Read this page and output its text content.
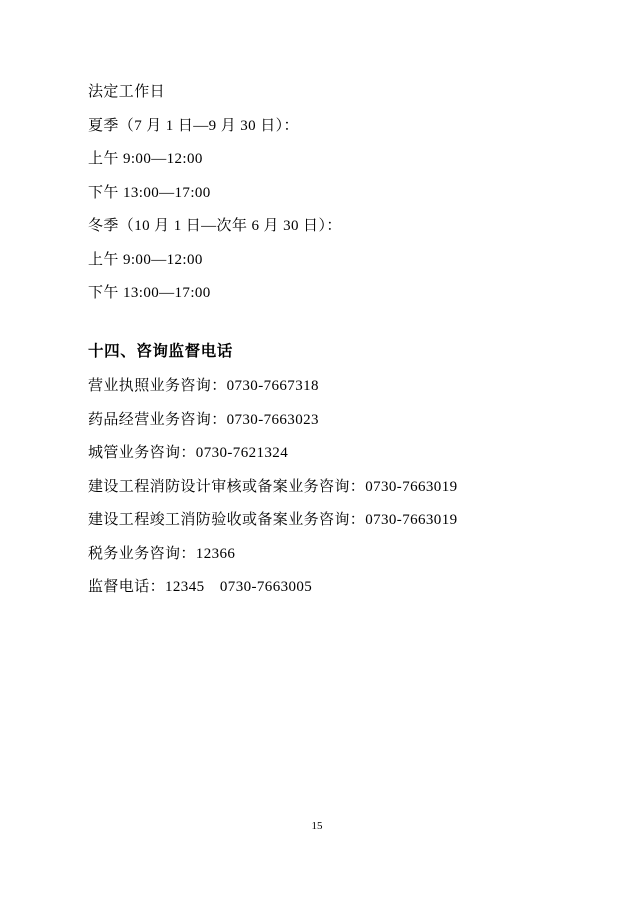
法定工作日
夏季（7 月 1 日—9 月 30 日）：
上午 9:00—12:00
下午 13:00—17:00
冬季（10 月 1 日—次年 6 月 30 日）：
上午 9:00—12:00
下午 13:00—17:00
十四、咨询监督电话
营业执照业务咨询：0730-7667318
药品经营业务咨询：0730-7663023
城管业务咨询：0730-7621324
建设工程消防设计审核或备案业务咨询：0730-7663019
建设工程竣工消防验收或备案业务咨询：0730-7663019
税务业务咨询：12366
监督电话：12345　0730-7663005
15
